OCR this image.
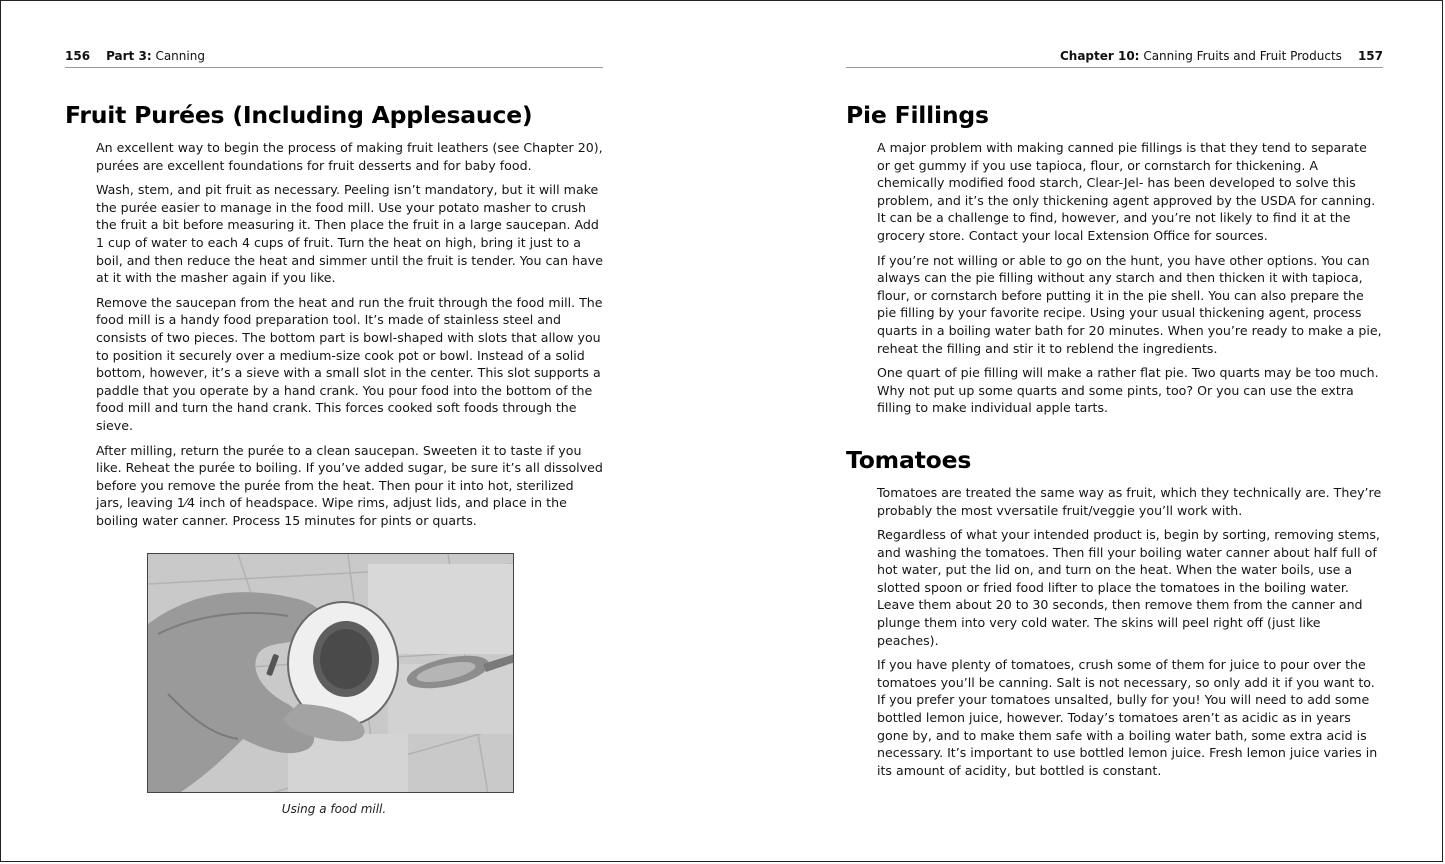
156 Part 3: Canning
Fruit Purées (Including Applesauce)

An excellent way to begin the process of making fruit leathers (see Chapter 20), purées are excellent foundations for fruit desserts and for baby food.

Wash, stem, and pit fruit as necessary. Peeling isn’t mandatory, but it will make the purée easier to manage in the food mill. Use your potato masher to crush the fruit a bit before measuring it. Then place the fruit in a large saucepan. Add 1 cup of water to each 4 cups of fruit. Turn the heat on high, bring it just to a boil, and then reduce the heat and simmer until the fruit is tender. You can have at it with the masher again if you like.

Remove the saucepan from the heat and run the fruit through the food mill. The food mill is a handy food preparation tool. It’s made of stainless steel and consists of two pieces. The bottom part is bowl-shaped with slots that allow you to position it securely over a medium-size cook pot or bowl. Instead of a solid bottom, however, it’s a sieve with a small slot in the center. This slot supports a paddle that you operate by a hand crank. You pour food into the bottom of the food mill and turn the hand crank. This forces cooked soft foods through the sieve.

After milling, return the purée to a clean saucepan. Sweeten it to taste if you like. Reheat the purée to boiling. If you’ve added sugar, be sure it’s all dissolved before you remove the purée from the heat. Then pour it into hot, sterilized jars, leaving 1⁄4 inch of headspace. Wipe rims, adjust lids, and place in the boiling water canner. Process 15 minutes for pints or quarts.

Using a food mill.
Chapter 10: Canning Fruits and Fruit Products 157
Pie Fillings

A major problem with making canned pie fillings is that they tend to separate or get gummy if you use tapioca, flour, or cornstarch for thickening. A chemically modified food starch, Clear-Jel- has been developed to solve this problem, and it’s the only thickening agent approved by the USDA for canning. It can be a challenge to find, however, and you’re not likely to find it at the grocery store. Contact your local Extension Office for sources.

If you’re not willing or able to go on the hunt, you have other options. You can always can the pie filling without any starch and then thicken it with tapioca, flour, or cornstarch before putting it in the pie shell. You can also prepare the pie filling by your favorite recipe. Using your usual thickening agent, process quarts in a boiling water bath for 20 minutes. When you’re ready to make a pie, reheat the filling and stir it to reblend the ingredients.

One quart of pie filling will make a rather flat pie. Two quarts may be too much. Why not put up some quarts and some pints, too? Or you can use the extra filling to make individual apple tarts.

Tomatoes

Tomatoes are treated the same way as fruit, which they technically are. They’re probably the most vversatile fruit/veggie you’ll work with.

Regardless of what your intended product is, begin by sorting, removing stems, and washing the tomatoes. Then fill your boiling water canner about half full of hot water, put the lid on, and turn on the heat. When the water boils, use a slotted spoon or fried food lifter to place the tomatoes in the boiling water. Leave them about 20 to 30 seconds, then remove them from the canner and plunge them into very cold water. The skins will peel right off (just like peaches).

If you have plenty of tomatoes, crush some of them for juice to pour over the tomatoes you’ll be canning. Salt is not necessary, so only add it if you want to. If you prefer your tomatoes unsalted, bully for you! You will need to add some bottled lemon juice, however. Today’s tomatoes aren’t as acidic as in years gone by, and to make them safe with a boiling water bath, some extra acid is necessary. It’s important to use bottled lemon juice. Fresh lemon juice varies in its amount of acidity, but bottled is constant.
